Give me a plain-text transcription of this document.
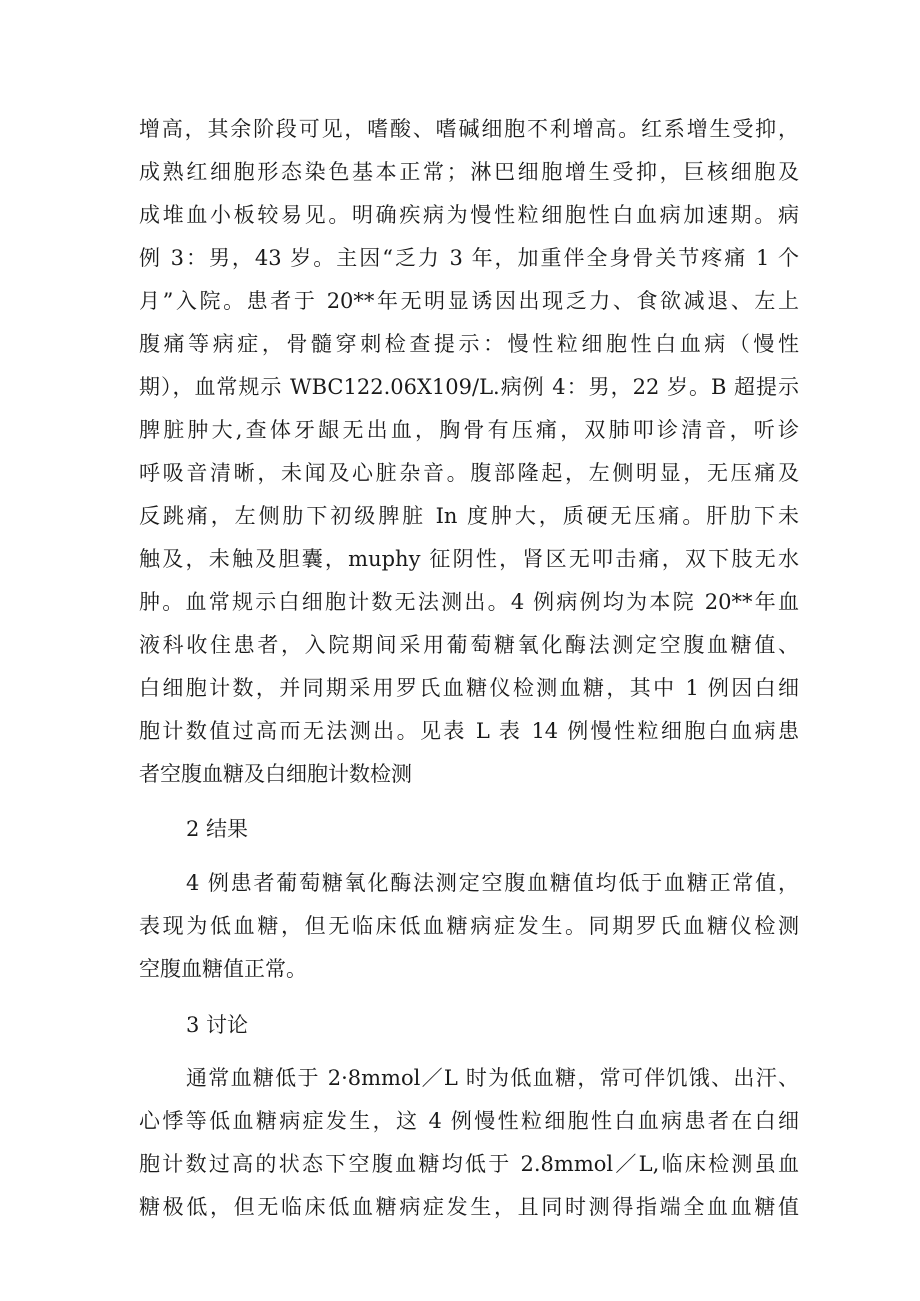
增高，其余阶段可见，嗜酸、嗜碱细胞不利增高。红系增生受抑，
成熟红细胞形态染色基本正常；淋巴细胞增生受抑，巨核细胞及
成堆血小板较易见。明确疾病为慢性粒细胞性白血病加速期。病
例 3：男，43 岁。主因“乏力 3 年，加重伴全身骨关节疼痛 1 个
月”入院。患者于 20**年无明显诱因出现乏力、食欲减退、左上
腹痛等病症，骨髓穿刺检查提示：慢性粒细胞性白血病（慢性
期），血常规示 WBC122.06X109/L.病例 4：男，22 岁。B 超提示
脾脏肿大,查体牙龈无出血，胸骨有压痛，双肺叩诊清音，听诊
呼吸音清晰，未闻及心脏杂音。腹部隆起，左侧明显，无压痛及
反跳痛，左侧肋下初级脾脏 In 度肿大，质硬无压痛。肝肋下未
触及，未触及胆囊，muphy 征阴性，肾区无叩击痛，双下肢无水
肿。血常规示白细胞计数无法测出。4 例病例均为本院 20**年血
液科收住患者，入院期间采用葡萄糖氧化酶法测定空腹血糖值、
白细胞计数，并同期采用罗氏血糖仪检测血糖，其中 1 例因白细
胞计数值过高而无法测出。见表 L 表 14 例慢性粒细胞白血病患
者空腹血糖及白细胞计数检测
2 结果
4 例患者葡萄糖氧化酶法测定空腹血糖值均低于血糖正常值，
表现为低血糖，但无临床低血糖病症发生。同期罗氏血糖仪检测
空腹血糖值正常。
3 讨论
通常血糖低于 2·8mmol／L 时为低血糖，常可伴饥饿、出汗、
心悸等低血糖病症发生，这 4 例慢性粒细胞性白血病患者在白细
胞计数过高的状态下空腹血糖均低于 2.8mmol／L,临床检测虽血
糖极低，但无临床低血糖病症发生，且同时测得指端全血血糖值
